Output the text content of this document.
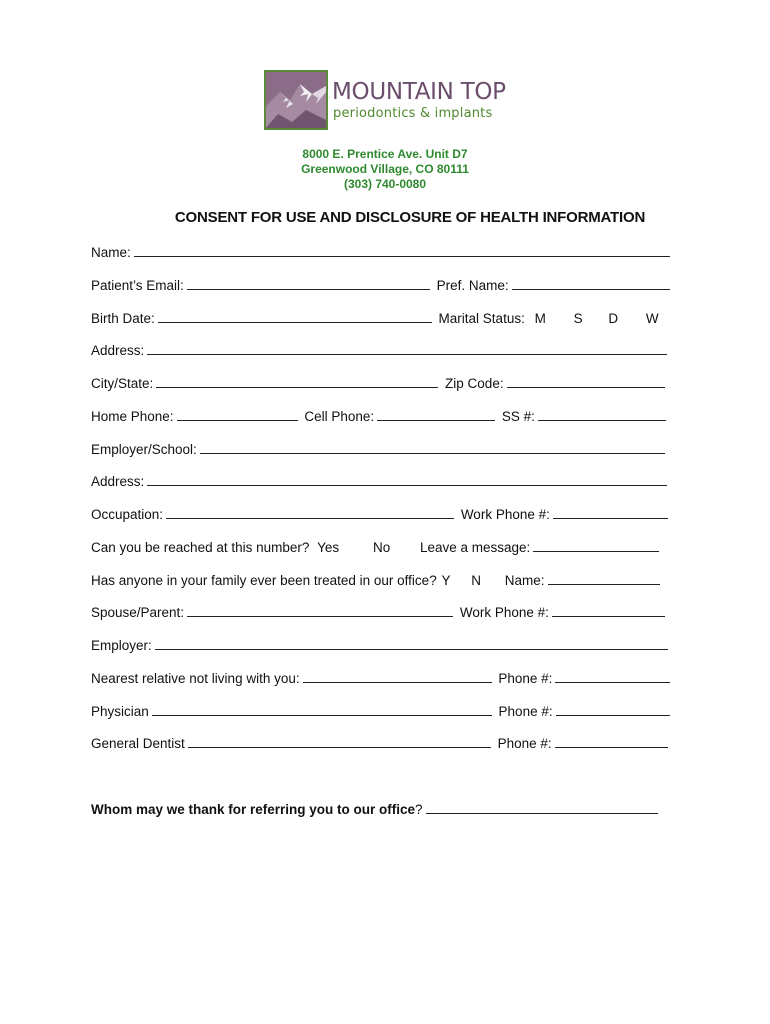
MOUNTAIN TOP
periodontics & implants
8000 E. Prentice Ave. Unit D7
Greenwood Village, CO 80111
(303) 740-0080
CONSENT FOR USE AND DISCLOSURE OF HEALTH INFORMATION
Name:
Patient’s Email:	Pref. Name:
Birth Date:	Marital Status: M S D W
Address:
City/State:	Zip Code:
Home Phone:	Cell Phone:	SS #:
Employer/School:
Address:
Occupation:	Work Phone #:
Can you be reached at this number? Yes	No Leave a message:
Has anyone in your family ever been treated in our office? Y N Name:
Spouse/Parent:	Work Phone #:
Employer:
Nearest relative not living with you:	Phone #:
Physician	Phone #:
General Dentist	Phone #:
Whom may we thank for referring you to our office?
